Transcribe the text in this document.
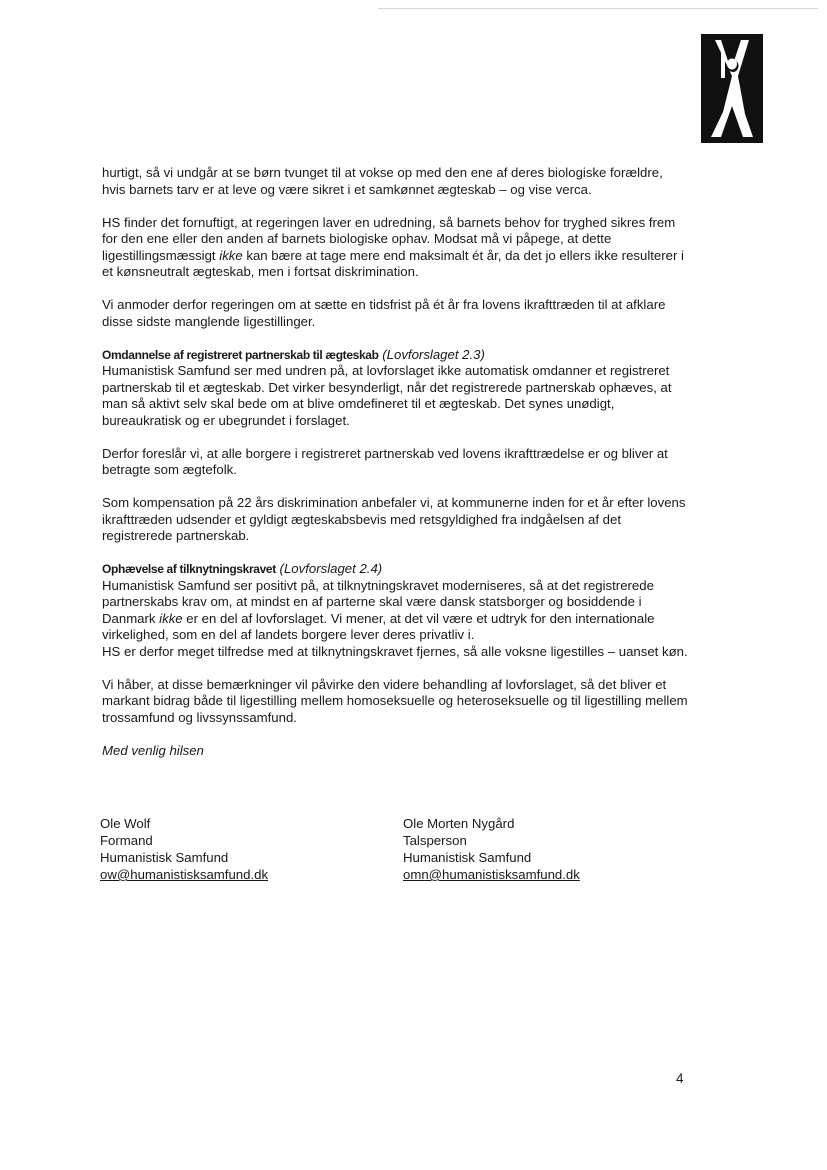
hurtigt, så vi undgår at se børn tvunget til at vokse op med den ene af deres biologiske forældre, hvis barnets tarv er at leve og være sikret i et samkønnet ægteskab – og vise verca.

HS finder det fornuftigt, at regeringen laver en udredning, så barnets behov for tryghed sikres frem for den ene eller den anden af barnets biologiske ophav. Modsat må vi påpege, at dette ligestillingsmæssigt ikke kan bære at tage mere end maksimalt ét år, da det jo ellers ikke resulterer i et kønsneutralt ægteskab, men i fortsat diskrimination.

Vi anmoder derfor regeringen om at sætte en tidsfrist på ét år fra lovens ikrafttræden til at afklare disse sidste manglende ligestillinger.

Omdannelse af registreret partnerskab til ægteskab (Lovforslaget 2.3)
Humanistisk Samfund ser med undren på, at lovforslaget ikke automatisk omdanner et registreret partnerskab til et ægteskab. Det virker besynderligt, når det registrerede partnerskab ophæves, at man så aktivt selv skal bede om at blive omdefineret til et ægteskab. Det synes unødigt, bureaukratisk og er ubegrundet i forslaget.

Derfor foreslår vi, at alle borgere i registreret partnerskab ved lovens ikrafttrædelse er og bliver at betragte som ægtefolk.

Som kompensation på 22 års diskrimination anbefaler vi, at kommunerne inden for et år efter lovens ikrafttræden udsender et gyldigt ægteskabsbevis med retsgyldighed fra indgåelsen af det registrerede partnerskab.

Ophævelse af tilknytningskravet (Lovforslaget 2.4)
Humanistisk Samfund ser positivt på, at tilknytningskravet moderniseres, så at det registrerede partnerskabs krav om, at mindst en af parterne skal være dansk statsborger og bosiddende i Danmark ikke er en del af lovforslaget. Vi mener, at det vil være et udtryk for den internationale virkelighed, som en del af landets borgere lever deres privatliv i.
HS er derfor meget tilfredse med at tilknytningskravet fjernes, så alle voksne ligestilles – uanset køn.

Vi håber, at disse bemærkninger vil påvirke den videre behandling af lovforslaget, så det bliver et markant bidrag både til ligestilling mellem homoseksuelle og heteroseksuelle og til ligestilling mellem trossamfund og livssynssamfund.

Med venlig hilsen

Ole Wolf
Formand
Humanistisk Samfund
ow@humanistisksamfund.dk
Ole Morten Nygård
Talsperson
Humanistisk Samfund
omn@humanistisksamfund.dk
4
